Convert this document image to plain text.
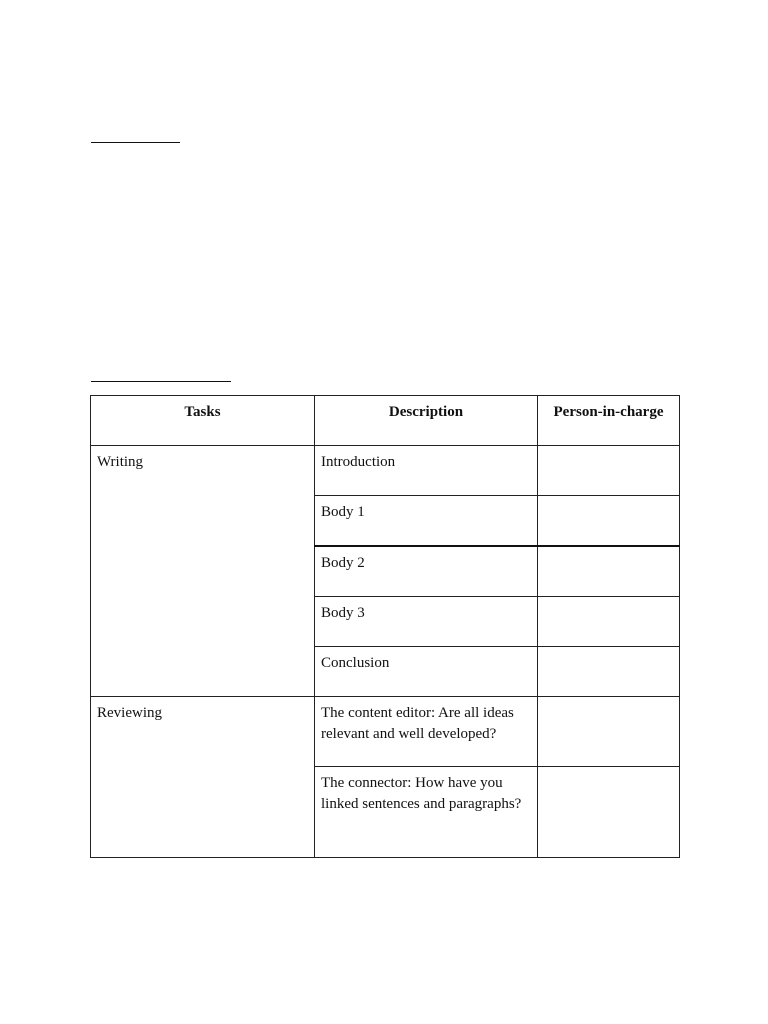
Tasks	Description	Person-in-charge
Writing	Introduction	
	Body 1	
	Body 2	
	Body 3	
	Conclusion	
Reviewing	The content editor: Are all ideas relevant and well developed?	
	The connector: How have you linked sentences and paragraphs?	
